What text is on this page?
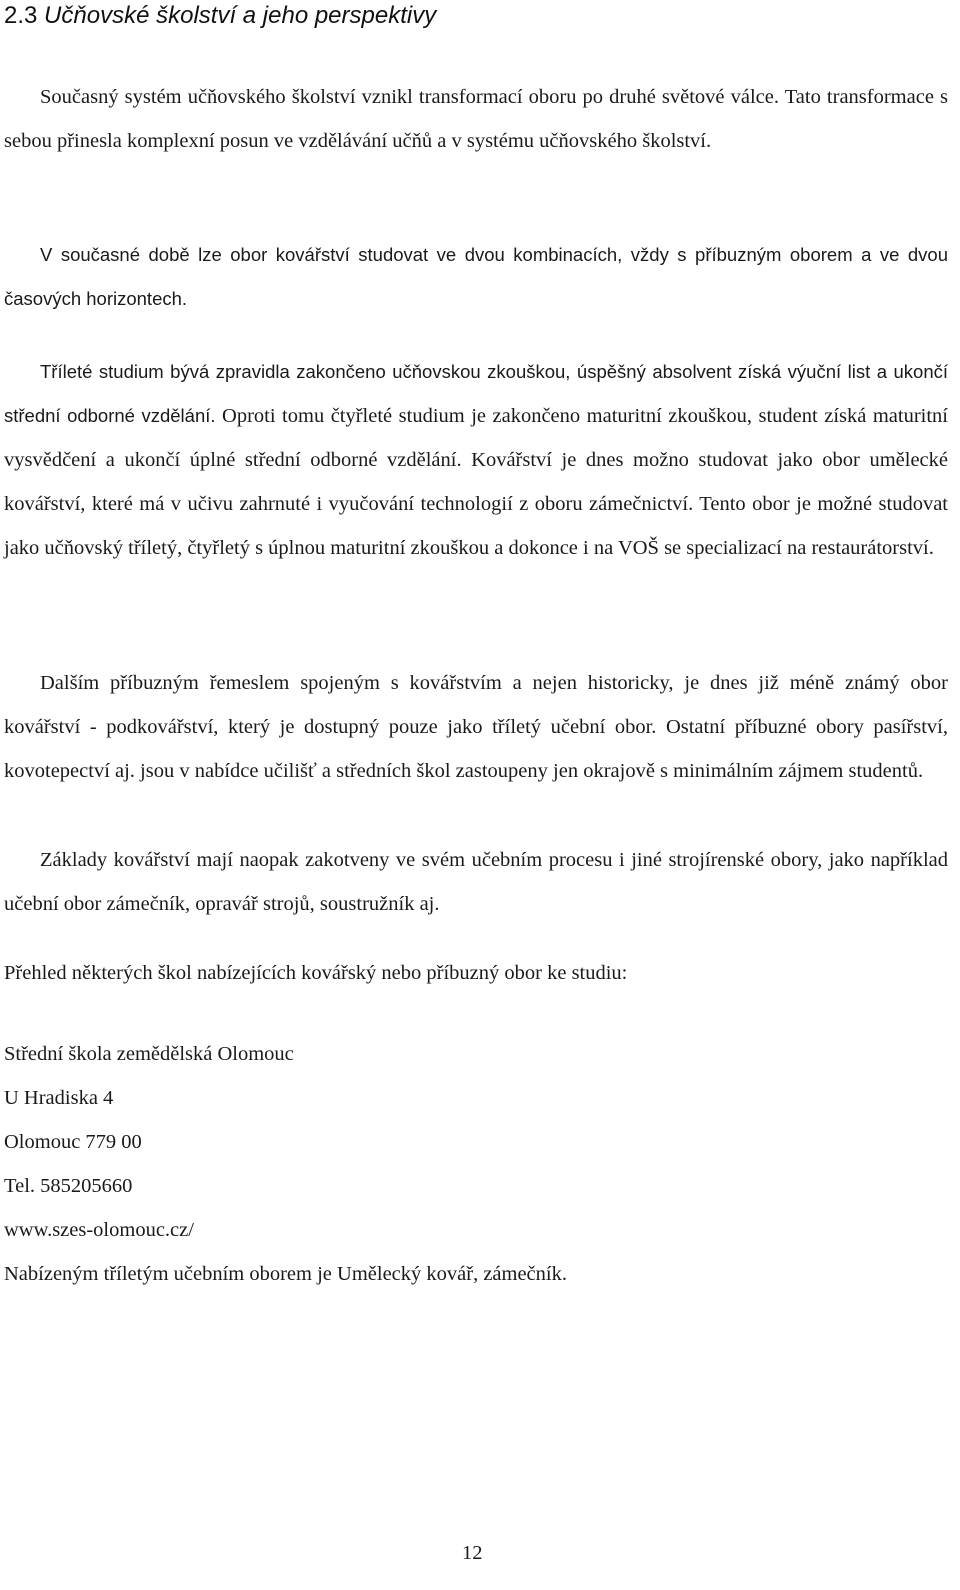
2.3 Učňovské školství a jeho perspektivy

Současný systém učňovského školství vznikl transformací oboru po druhé světové válce. Tato transformace s sebou přinesla komplexní posun ve vzdělávání učňů a v systému učňovského školství.

V současné době lze obor kovářství studovat ve dvou kombinacích, vždy s příbuzným oborem a ve dvou časových horizontech.

Tříleté studium bývá zpravidla zakončeno učňovskou zkouškou, úspěšný absolvent získá výuční list a ukončí střední odborné vzdělání. Oproti tomu čtyřleté studium je zakončeno maturitní zkouškou, student získá maturitní vysvědčení a ukončí úplné střední odborné vzdělání. Kovářství je dnes možno studovat jako obor umělecké kovářství, které má v učivu zahrnuté i vyučování technologií z oboru zámečnictví. Tento obor je možné studovat jako učňovský tříletý, čtyřletý s úplnou maturitní zkouškou a dokonce i na VOŠ se specializací na restaurátorství.

Dalším příbuzným řemeslem spojeným s kovářstvím a nejen historicky, je dnes již méně známý obor kovářství - podkovářství, který je dostupný pouze jako tříletý učební obor. Ostatní příbuzné obory pasířství, kovotepectví aj. jsou v nabídce učilišť a středních škol zastoupeny jen okrajově s minimálním zájmem studentů.

Základy kovářství mají naopak zakotveny ve svém učebním procesu i jiné strojírenské obory, jako například učební obor zámečník, opravář strojů, soustružník aj.

Přehled některých škol nabízejících kovářský nebo příbuzný obor ke studiu:

Střední škola zemědělská Olomouc

U Hradiska 4

Olomouc 779 00

Tel. 585205660

www.szes-olomouc.cz/

Nabízeným tříletým učebním oborem je Umělecký kovář, zámečník.

12
